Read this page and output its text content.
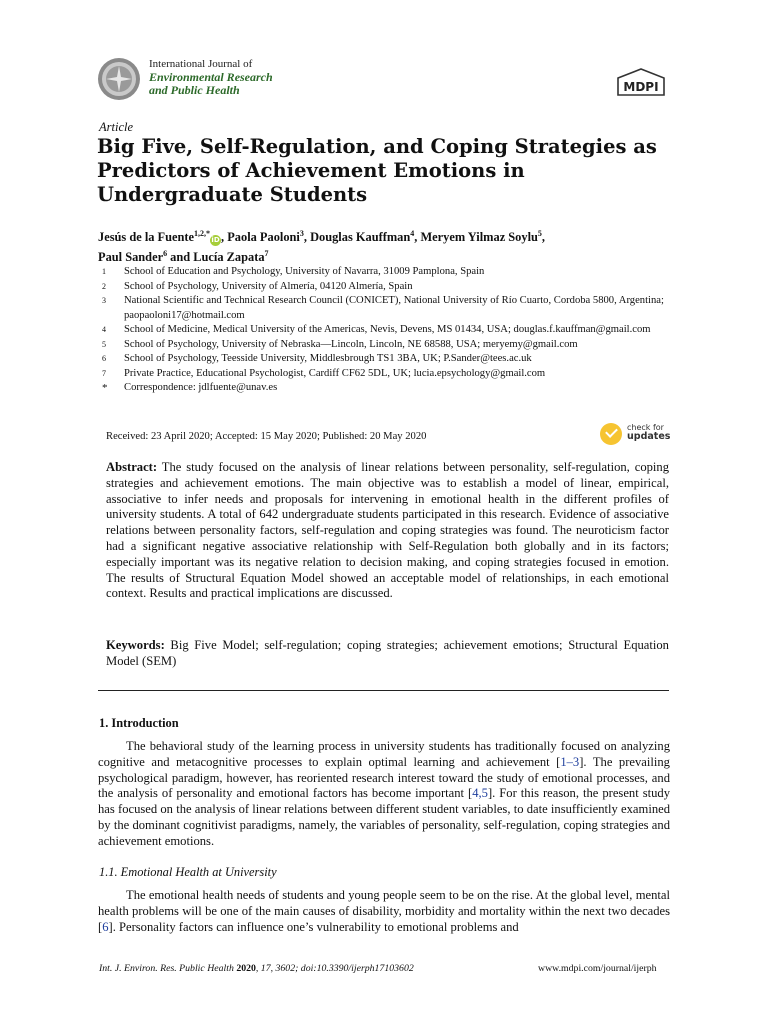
International Journal of
Environmental Research
and Public Health	MDPI
Article
Big Five, Self-Regulation, and Coping Strategies as Predictors of Achievement Emotions in Undergraduate Students
Jesús de la Fuente$^{1,2,*}$iD, Paola Paoloni$^3$, Douglas Kauffman$^4$, Meryem Yilmaz Soylu$^5$,
Paul Sander$^6$ and Lucía Zapata$^7$
1	School of Education and Psychology, University of Navarra, 31009 Pamplona, Spain
2	School of Psychology, University of Almería, 04120 Almería, Spain
3	National Scientific and Technical Research Council (CONICET), National University of Río Cuarto, Cordoba 5800, Argentina; paopaoloni17@hotmail.com
4	School of Medicine, Medical University of the Americas, Nevis, Devens, MS 01434, USA; douglas.f.kauffman@gmail.com
5	School of Psychology, University of Nebraska—Lincoln, Lincoln, NE 68588, USA; meryemy@gmail.com
6	School of Psychology, Teesside University, Middlesbrough TS1 3BA, UK; P.Sander@tees.ac.uk
7	Private Practice, Educational Psychologist, Cardiff CF62 5DL, UK; lucia.epsychology@gmail.com
*	Correspondence: jdlfuente@unav.es
Received: 23 April 2020; Accepted: 15 May 2020; Published: 20 May 2020
check for
updates
Abstract: The study focused on the analysis of linear relations between personality, self-regulation, coping strategies and achievement emotions. The main objective was to establish a model of linear, empirical, associative to infer needs and proposals for intervening in emotional health in the different profiles of university students. A total of 642 undergraduate students participated in this research. Evidence of associative relations between personality factors, self-regulation and coping strategies was found. The neuroticism factor had a significant negative associative relationship with Self-Regulation both globally and in its factors; especially important was its negative relation to decision making, and coping strategies focused in emotion. The results of Structural Equation Model showed an acceptable model of relationships, in each emotional context. Results and practical implications are discussed.
Keywords: Big Five Model; self-regulation; coping strategies; achievement emotions; Structural Equation Model (SEM)
1. Introduction
The behavioral study of the learning process in university students has traditionally focused on analyzing cognitive and metacognitive processes to explain optimal learning and achievement [1–3]. The prevailing psychological paradigm, however, has reoriented research interest toward the study of emotional processes, and the analysis of personality and emotional factors has become important [4,5]. For this reason, the present study has focused on the analysis of linear relations between different student variables, to date insufficiently examined by the dominant cognitivist paradigms, namely, the variables of personality, self-regulation, coping strategies and achievement emotions.
1.1. Emotional Health at University
The emotional health needs of students and young people seem to be on the rise. At the global level, mental health problems will be one of the main causes of disability, morbidity and mortality within the next two decades [6]. Personality factors can influence one’s vulnerability to emotional problems and
Int. J. Environ. Res. Public Health 2020, 17, 3602; doi:10.3390/ijerph17103602	www.mdpi.com/journal/ijerph
